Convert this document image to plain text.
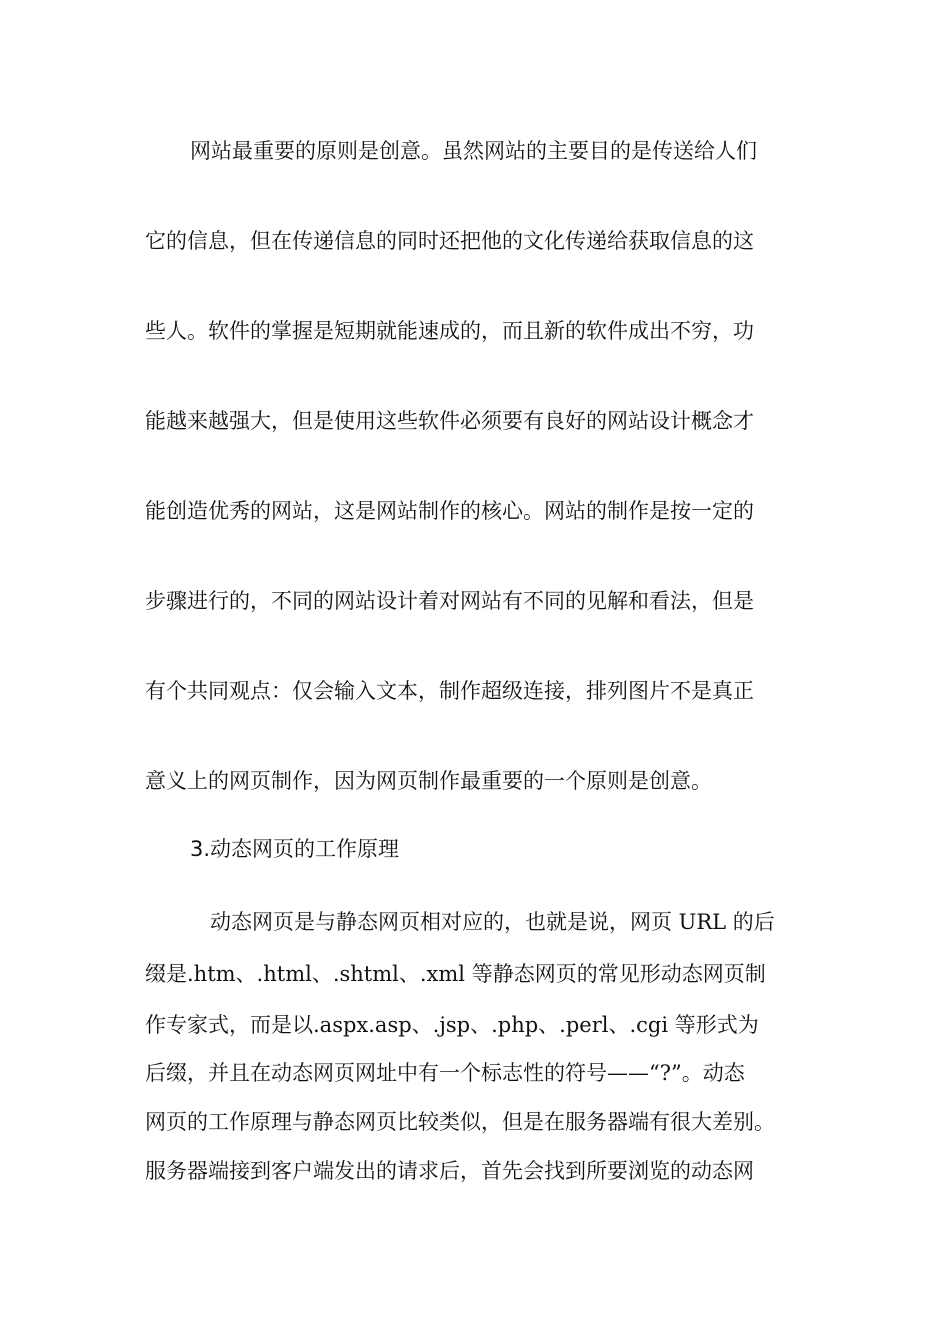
网站最重要的原则是创意。虽然网站的主要目的是传送给人们
它的信息，但在传递信息的同时还把他的文化传递给获取信息的这
些人。软件的掌握是短期就能速成的，而且新的软件成出不穷，功
能越来越强大，但是使用这些软件必须要有良好的网站设计概念才
能创造优秀的网站，这是网站制作的核心。网站的制作是按一定的
步骤进行的，不同的网站设计着对网站有不同的见解和看法，但是
有个共同观点：仅会输入文本，制作超级连接，排列图片不是真正
意义上的网页制作，因为网页制作最重要的一个原则是创意。
3.动态网页的工作原理
动态网页是与静态网页相对应的，也就是说，网页 URL 的后
缀是.htm、.html、.shtml、.xml 等静态网页的常见形动态网页制
作专家式，而是以.aspx.asp、.jsp、.php、.perl、.cgi 等形式为
后缀，并且在动态网页网址中有一个标志性的符号——“?”。动态
网页的工作原理与静态网页比较类似，但是在服务器端有很大差别。
服务器端接到客户端发出的请求后，首先会找到所要浏览的动态网
